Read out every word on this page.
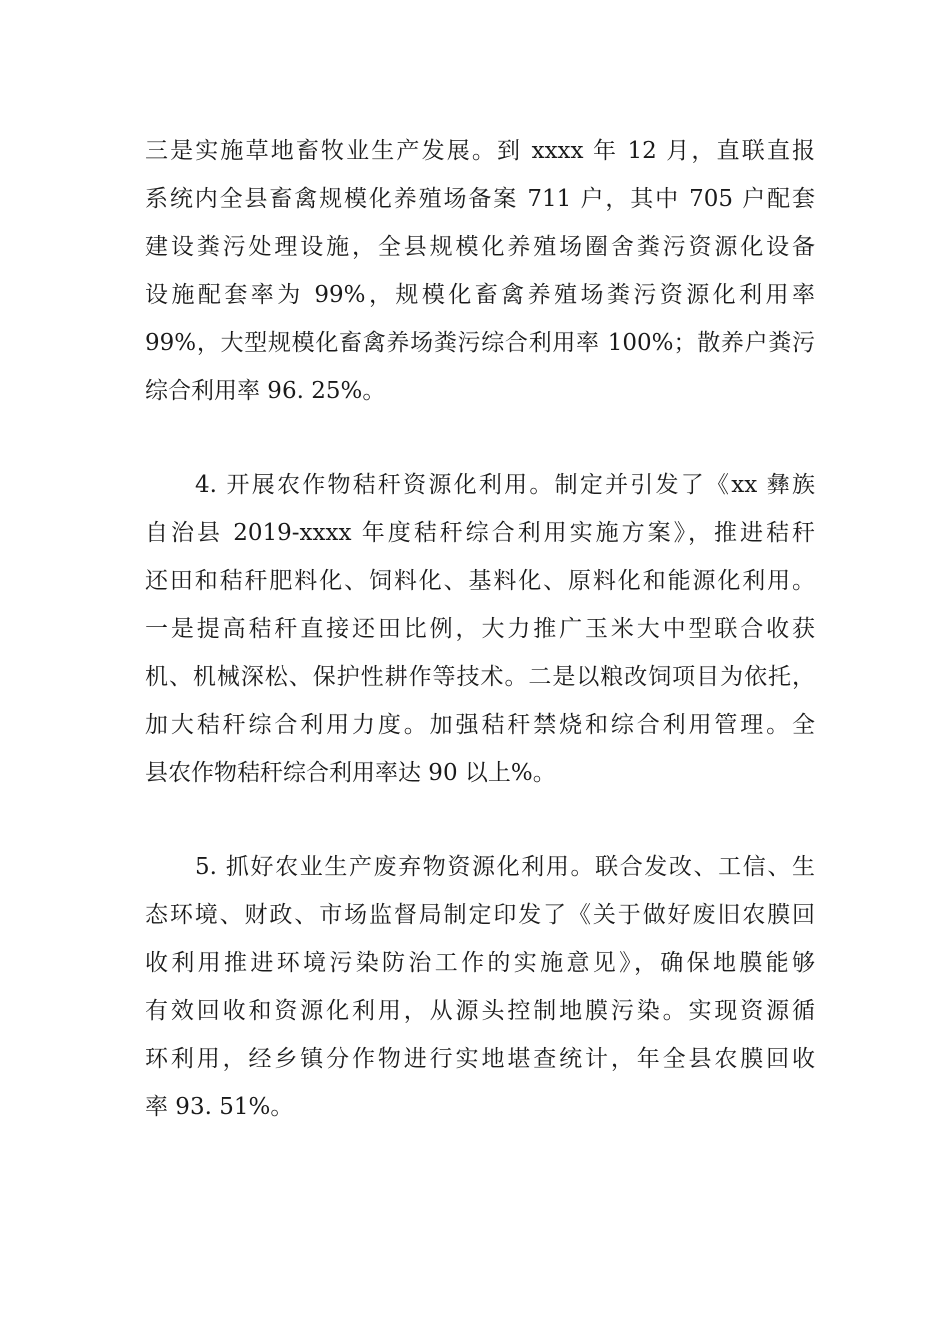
三是实施草地畜牧业生产发展。到 xxxx 年 12 月，直联直报
系统内全县畜禽规模化养殖场备案 711 户，其中 705 户配套
建设粪污处理设施，全县规模化养殖场圈舍粪污资源化设备
设施配套率为 99%，规模化畜禽养殖场粪污资源化利用率
99%，大型规模化畜禽养场粪污综合利用率 100%；散养户粪污
综合利用率 96. 25%。
4. 开展农作物秸秆资源化利用。制定并引发了《xx 彝族
自治县 2019-xxxx 年度秸秆综合利用实施方案》，推进秸秆
还田和秸秆肥料化、饲料化、基料化、原料化和能源化利用。
一是提高秸秆直接还田比例，大力推广玉米大中型联合收获
机、机械深松、保护性耕作等技术。二是以粮改饲项目为依托，
加大秸秆综合利用力度。加强秸秆禁烧和综合利用管理。全
县农作物秸秆综合利用率达 90 以上%。
5. 抓好农业生产废弃物资源化利用。联合发改、工信、生
态环境、财政、市场监督局制定印发了《关于做好废旧农膜回
收利用推进环境污染防治工作的实施意见》，确保地膜能够
有效回收和资源化利用，从源头控制地膜污染。实现资源循
环利用，经乡镇分作物进行实地堪查统计，年全县农膜回收
率 93. 51%。
